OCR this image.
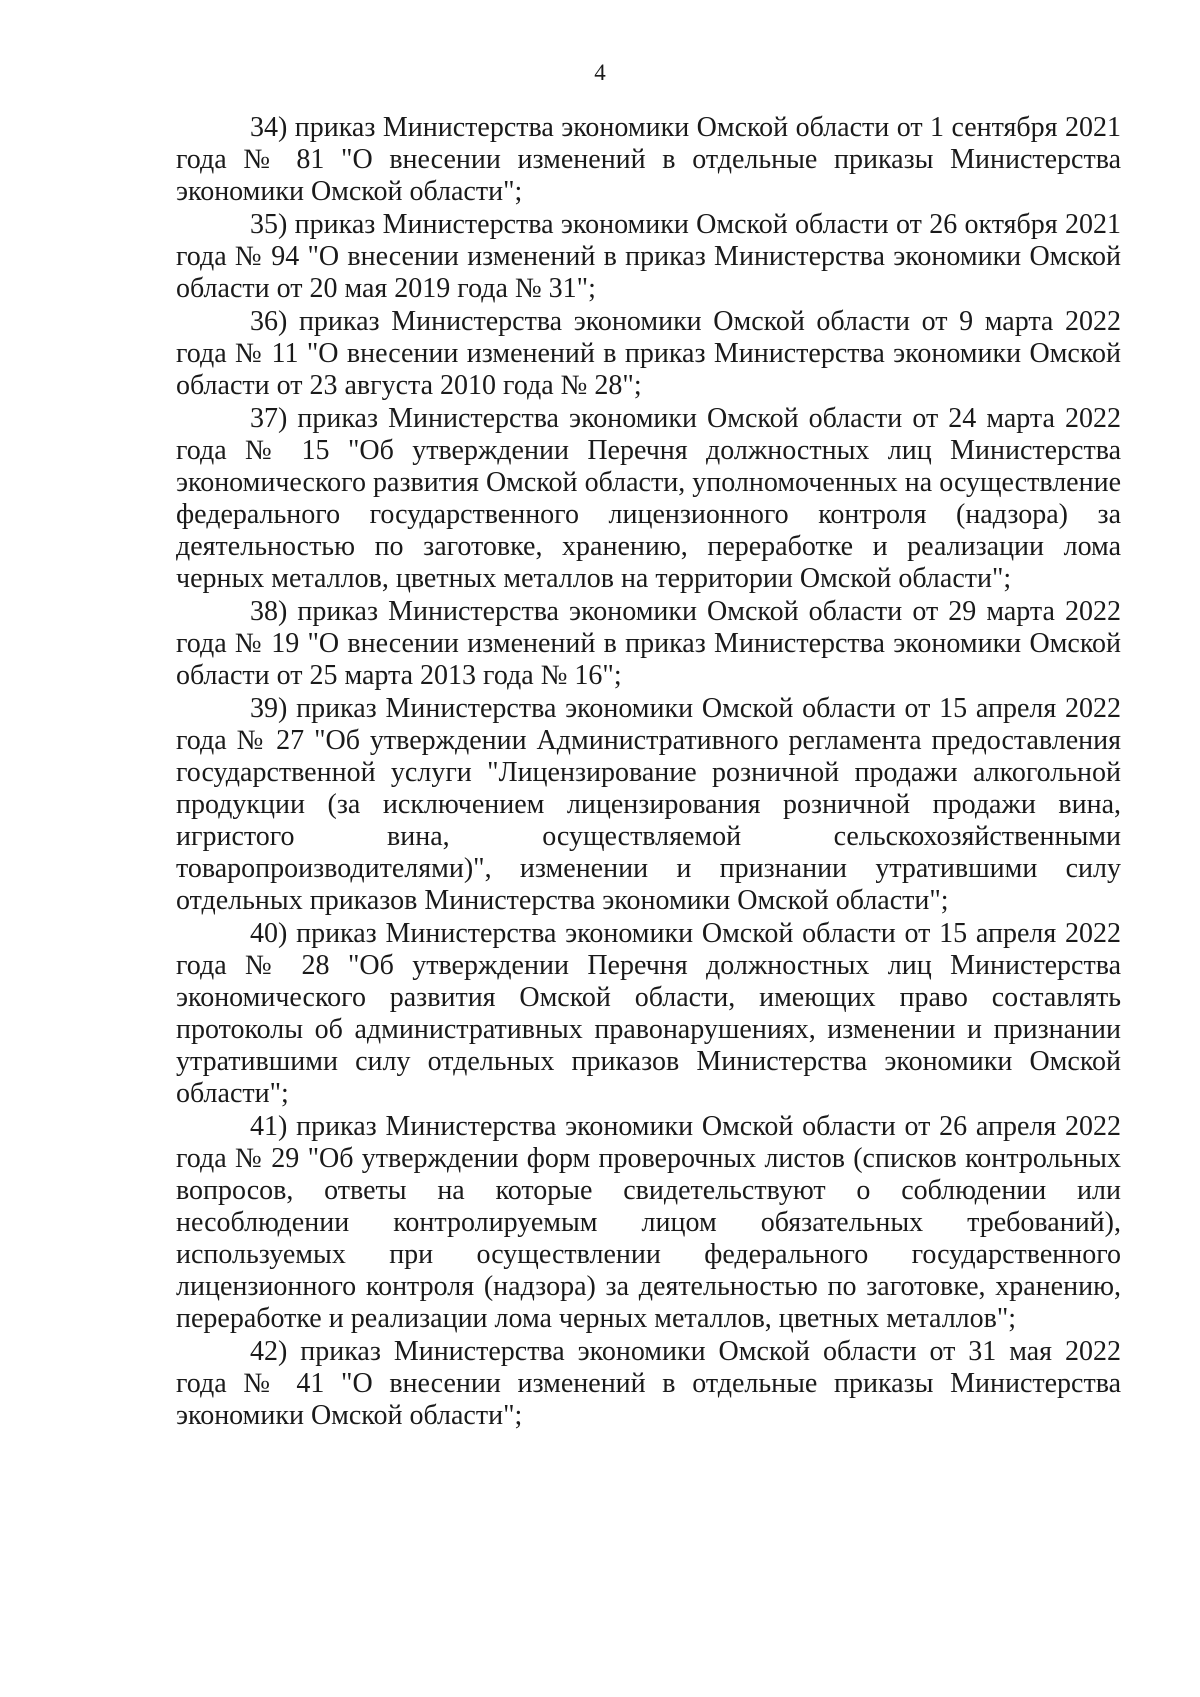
4

34) приказ Министерства экономики Омской области от 1 сентября 2021 года № 81 "О внесении изменений в отдельные приказы Министерства экономики Омской области";

35) приказ Министерства экономики Омской области от 26 октября 2021 года № 94 "О внесении изменений в приказ Министерства экономики Омской области от 20 мая 2019 года № 31";

36) приказ Министерства экономики Омской области от 9 марта 2022 года № 11 "О внесении изменений в приказ Министерства экономики Омской области от 23 августа 2010 года № 28";

37) приказ Министерства экономики Омской области от 24 марта 2022 года № 15 "Об утверждении Перечня должностных лиц Министерства экономического развития Омской области, уполномоченных на осуществление федерального государственного лицензионного контроля (надзора) за деятельностью по заготовке, хранению, переработке и реализации лома черных металлов, цветных металлов на территории Омской области";

38) приказ Министерства экономики Омской области от 29 марта 2022 года № 19 "О внесении изменений в приказ Министерства экономики Омской области от 25 марта 2013 года № 16";

39) приказ Министерства экономики Омской области от 15 апреля 2022 года № 27 "Об утверждении Административного регламента предоставления государственной услуги "Лицензирование розничной продажи алкогольной продукции (за исключением лицензирования розничной продажи вина, игристого вина, осуществляемой сельскохозяйственными товаропроизводителями)", изменении и признании утратившими силу отдельных приказов Министерства экономики Омской области";

40) приказ Министерства экономики Омской области от 15 апреля 2022 года № 28 "Об утверждении Перечня должностных лиц Министерства экономического развития Омской области, имеющих право составлять протоколы об административных правонарушениях, изменении и признании утратившими силу отдельных приказов Министерства экономики Омской области";

41) приказ Министерства экономики Омской области от 26 апреля 2022 года № 29 "Об утверждении форм проверочных листов (списков контрольных вопросов, ответы на которые свидетельствуют о соблюдении или несоблюдении контролируемым лицом обязательных требований), используемых при осуществлении федерального государственного лицензионного контроля (надзора) за деятельностью по заготовке, хранению, переработке и реализации лома черных металлов, цветных металлов";

42) приказ Министерства экономики Омской области от 31 мая 2022 года № 41 "О внесении изменений в отдельные приказы Министерства экономики Омской области";
